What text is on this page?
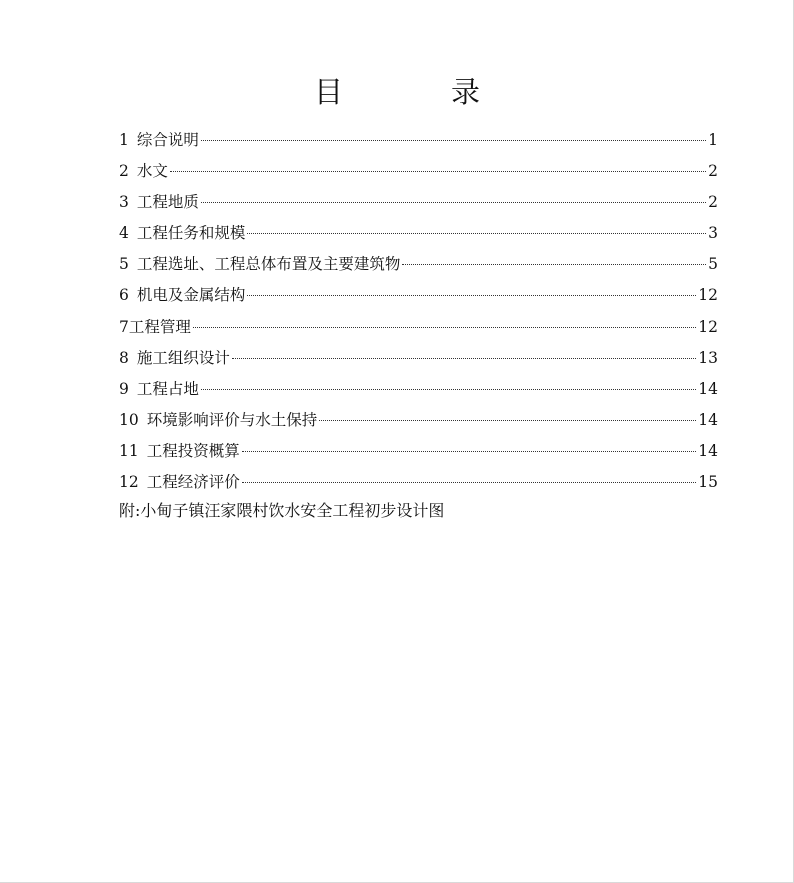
目	录
1 综合说明	1
2 水文	2
3 工程地质	2
4 工程任务和规模	3
5 工程选址、工程总体布置及主要建筑物	5
6 机电及金属结构	12
7 工程管理	12
8 施工组织设计	13
9 工程占地	14
10 环境影响评价与水土保持	14
11 工程投资概算	14
12 工程经济评价	15
附:小甸子镇汪家隈村饮水安全工程初步设计图
